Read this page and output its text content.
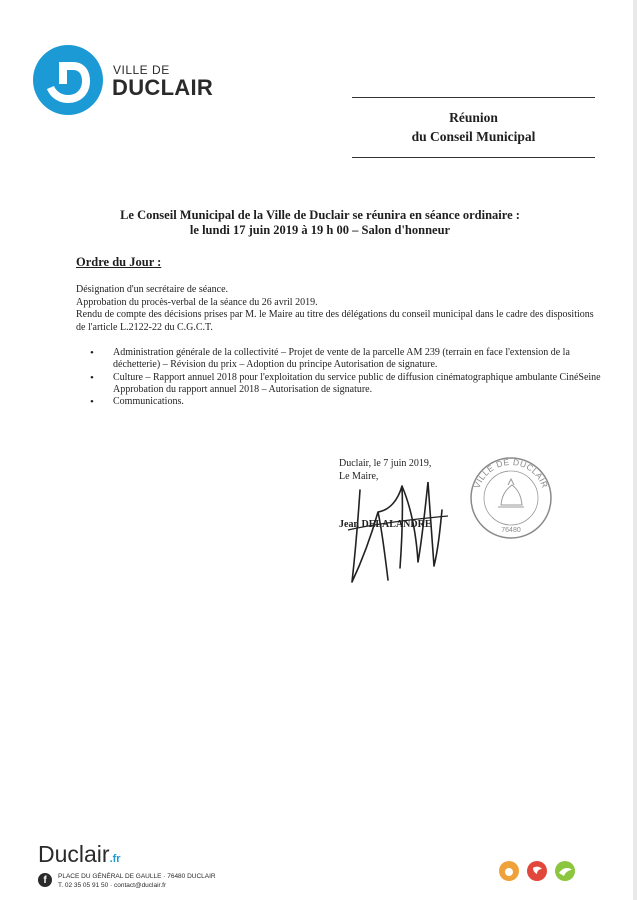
VILLE DE
DUCLAIR
Réunion
du Conseil Municipal
Le Conseil Municipal de la Ville de Duclair se réunira en séance ordinaire :
le lundi 17 juin 2019 à 19 h 00 – Salon d'honneur
Ordre du Jour :
Désignation d'un secrétaire de séance.
Approbation du procès-verbal de la séance du 26 avril 2019.
Rendu de compte des décisions prises par M. le Maire au titre des délégations du conseil municipal dans le cadre des dispositions de l'article L.2122-22 du C.G.C.T.
• Administration générale de la collectivité – Projet de vente de la parcelle AM 239 (terrain en face l'extension de la déchetterie) – Révision du prix – Adoption du principe Autorisation de signature.
• Culture – Rapport annuel 2018 pour l'exploitation du service public de diffusion cinématographique ambulante CinéSeine Approbation du rapport annuel 2018 – Autorisation de signature.
• Communications.
Duclair, le 7 juin 2019,
Le Maire,
Jean DELALANDRE
VILLE DE DUCLAIR
76480
Duclair.fr
f	PLACE DU GÉNÉRAL DE GAULLE · 76480 DUCLAIR
T. 02 35 05 91 50 · contact@duclair.fr
